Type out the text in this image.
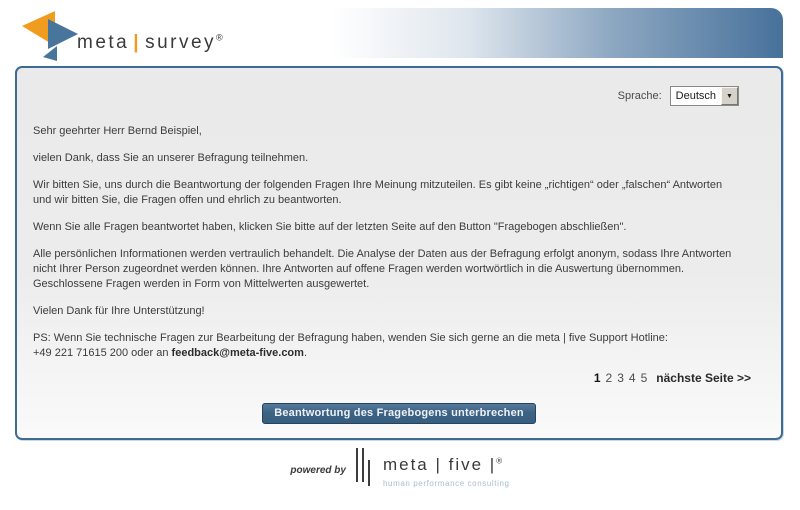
meta | survey®
Sprache:	Deutsch	▼
Sehr geehrter Herr Bernd Beispiel,
vielen Dank, dass Sie an unserer Befragung teilnehmen.
Wir bitten Sie, uns durch die Beantwortung der folgenden Fragen Ihre Meinung mitzuteilen. Es gibt keine „richtigen“ oder „falschen“ Antworten
und wir bitten Sie, die Fragen offen und ehrlich zu beantworten.
Wenn Sie alle Fragen beantwortet haben, klicken Sie bitte auf der letzten Seite auf den Button "Fragebogen abschließen".
Alle persönlichen Informationen werden vertraulich behandelt. Die Analyse der Daten aus der Befragung erfolgt anonym, sodass Ihre Antworten
nicht Ihrer Person zugeordnet werden können. Ihre Antworten auf offene Fragen werden wortwörtlich in die Auswertung übernommen.
Geschlossene Fragen werden in Form von Mittelwerten ausgewertet.
Vielen Dank für Ihre Unterstützung!
PS: Wenn Sie technische Fragen zur Bearbeitung der Befragung haben, wenden Sie sich gerne an die meta | five Support Hotline:
+49 221 71615 200 oder an feedback@meta-five.com.
1 2 3 4 5 nächste Seite >>
Beantwortung des Fragebogens unterbrechen
powered by meta | five |®
human performance consulting
